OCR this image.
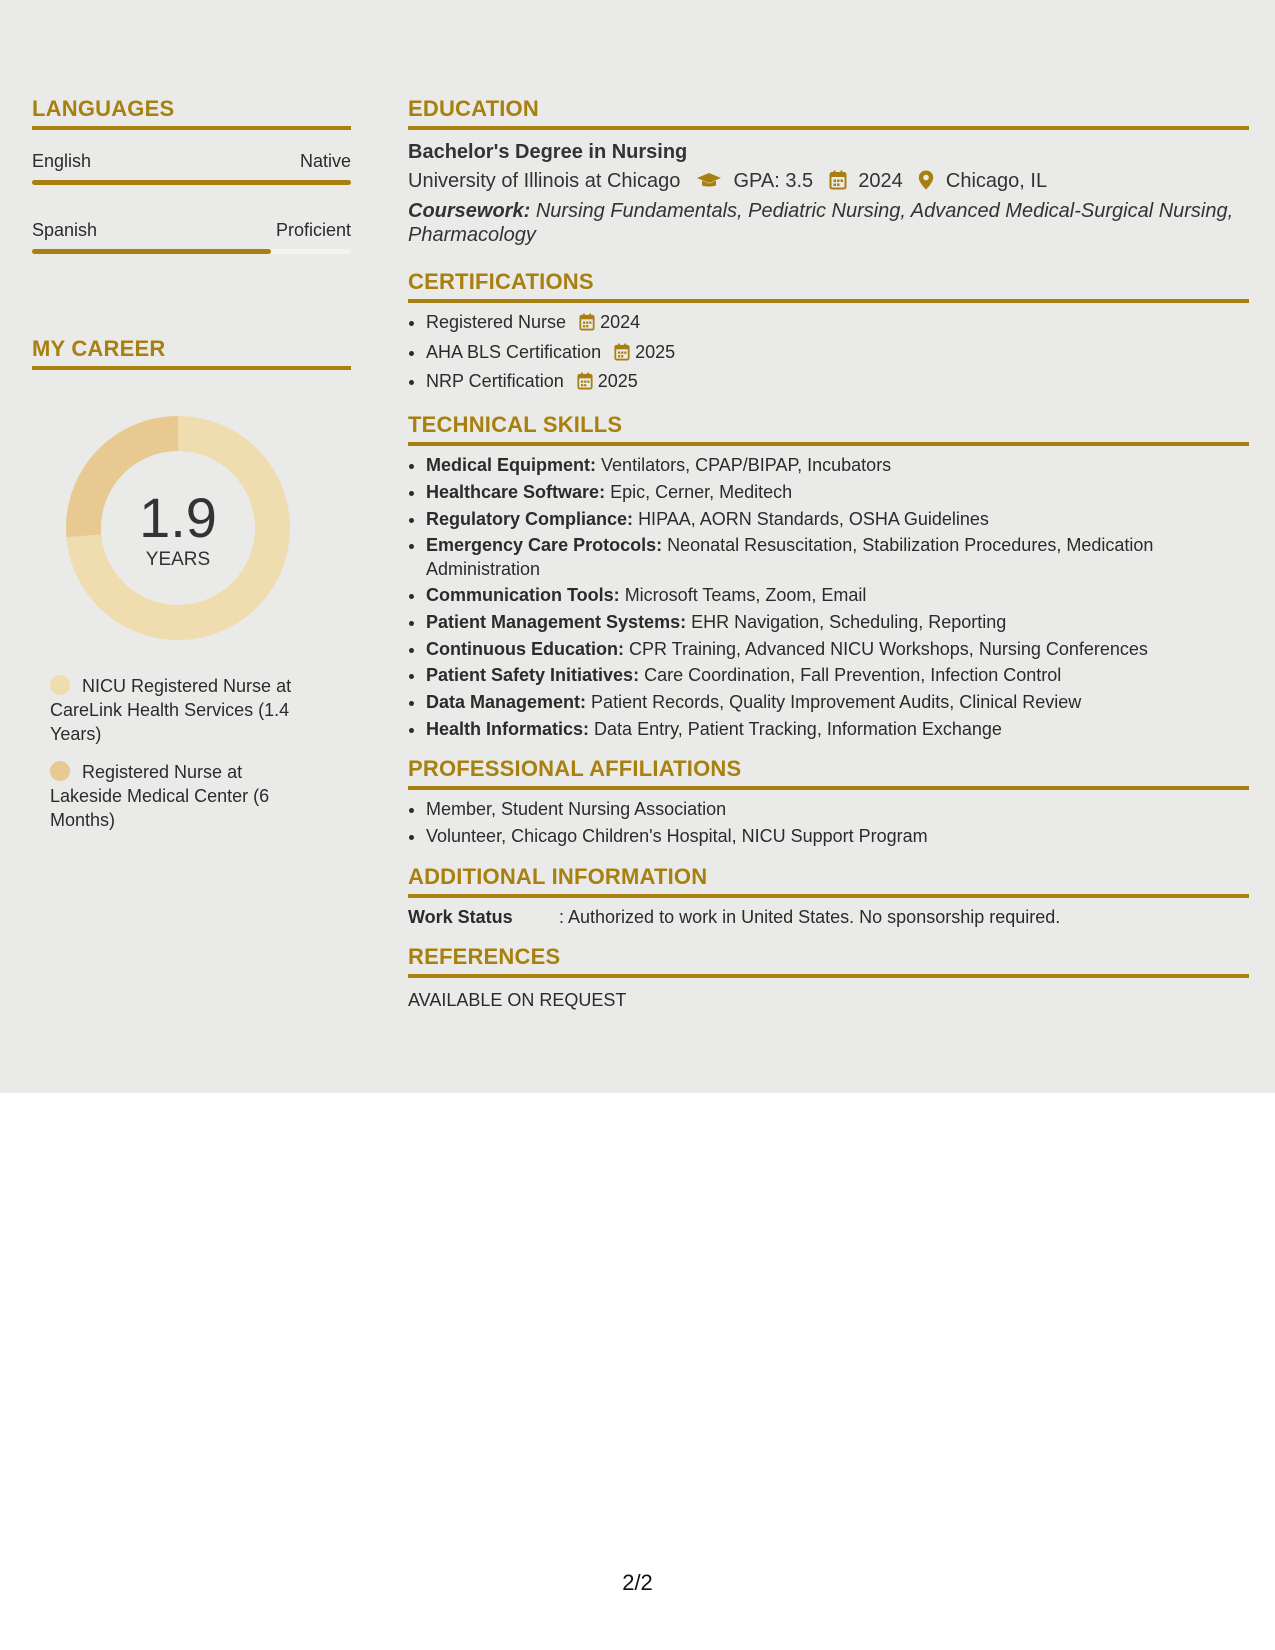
LANGUAGES
English	Native
Spanish	Proficient
MY CAREER
1.9
YEARS
NICU Registered Nurse at CareLink Health Services (1.4 Years)
Registered Nurse at Lakeside Medical Center (6 Months)
EDUCATION
Bachelor's Degree in Nursing
University of Illinois at Chicago	GPA: 3.5 2024 Chicago, IL
Coursework: Nursing Fundamentals, Pediatric Nursing, Advanced Medical-Surgical Nursing, Pharmacology
CERTIFICATIONS
• Registered Nurse 2024
• AHA BLS Certification 2025
• NRP Certification 2025
TECHNICAL SKILLS
• Medical Equipment: Ventilators, CPAP/BIPAP, Incubators
• Healthcare Software: Epic, Cerner, Meditech
• Regulatory Compliance: HIPAA, AORN Standards, OSHA Guidelines
• Emergency Care Protocols: Neonatal Resuscitation, Stabilization Procedures, Medication Administration
• Communication Tools: Microsoft Teams, Zoom, Email
• Patient Management Systems: EHR Navigation, Scheduling, Reporting
• Continuous Education: CPR Training, Advanced NICU Workshops, Nursing Conferences
• Patient Safety Initiatives: Care Coordination, Fall Prevention, Infection Control
• Data Management: Patient Records, Quality Improvement Audits, Clinical Review
• Health Informatics: Data Entry, Patient Tracking, Information Exchange
PROFESSIONAL AFFILIATIONS
• Member, Student Nursing Association
• Volunteer, Chicago Children's Hospital, NICU Support Program
ADDITIONAL INFORMATION
Work Status	: Authorized to work in United States. No sponsorship required.
REFERENCES
AVAILABLE ON REQUEST
2/2
